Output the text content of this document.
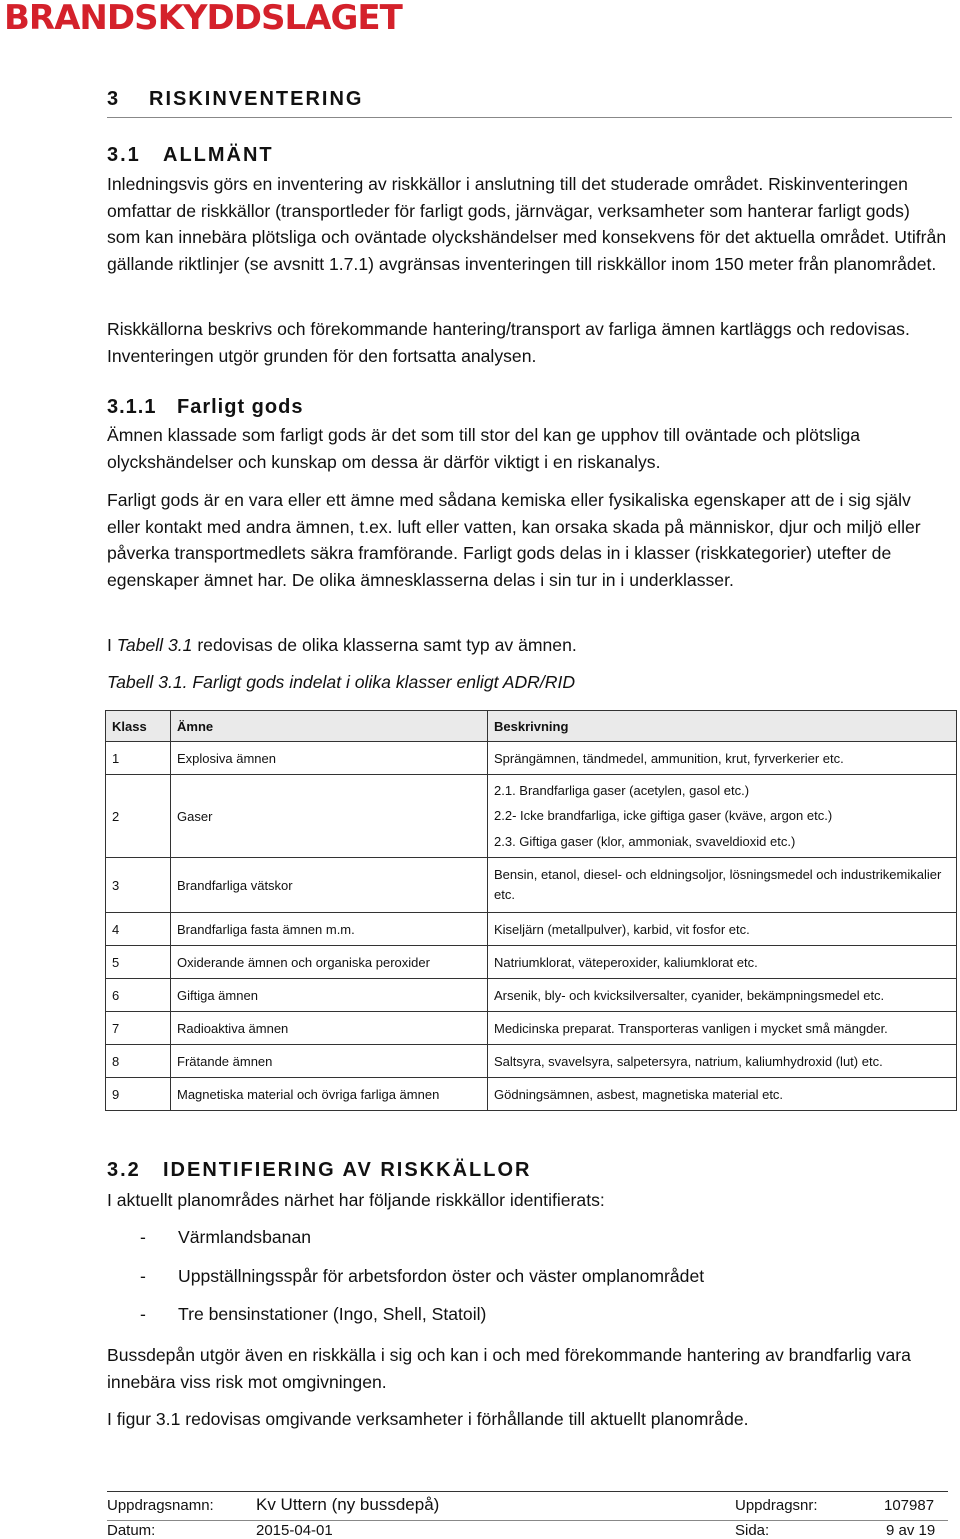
BRANDSKYDDSLAGET
3 RISKINVENTERING
3.1 ALLMÄNT
Inledningsvis görs en inventering av riskkällor i anslutning till det studerade området. Riskinventeringen omfattar de riskkällor (transportleder för farligt gods, järnvägar, verksamheter som hanterar farligt gods) som kan innebära plötsliga och oväntade olyckshändelser med konsekvens för det aktuella området. Utifrån gällande riktlinjer (se avsnitt 1.7.1) avgränsas inventeringen till riskkällor inom 150 meter från planområdet.
Riskkällorna beskrivs och förekommande hantering/transport av farliga ämnen kartläggs och redovisas. Inventeringen utgör grunden för den fortsatta analysen.
3.1.1 Farligt gods
Ämnen klassade som farligt gods är det som till stor del kan ge upphov till oväntade och plötsliga olyckshändelser och kunskap om dessa är därför viktigt i en riskanalys.
Farligt gods är en vara eller ett ämne med sådana kemiska eller fysikaliska egenskaper att de i sig själv eller kontakt med andra ämnen, t.ex. luft eller vatten, kan orsaka skada på människor, djur och miljö eller påverka transportmedlets säkra framförande. Farligt gods delas in i klasser (riskkategorier) utefter de egenskaper ämnet har. De olika ämnesklasserna delas i sin tur in i underklasser.
I Tabell 3.1 redovisas de olika klasserna samt typ av ämnen.
Tabell 3.1. Farligt gods indelat i olika klasser enligt ADR/RID
Klass	Ämne	Beskrivning
1	Explosiva ämnen	Sprängämnen, tändmedel, ammunition, krut, fyrverkerier etc.
2	Gaser	2.1. Brandfarliga gaser (acetylen, gasol etc.)
2.2- Icke brandfarliga, icke giftiga gaser (kväve, argon etc.)
2.3. Giftiga gaser (klor, ammoniak, svaveldioxid etc.)

3	Brandfarliga vätskor	Bensin, etanol, diesel- och eldningsoljor, lösningsmedel och industrikemikalier etc.
4	Brandfarliga fasta ämnen m.m.	Kiseljärn (metallpulver), karbid, vit fosfor etc.
5	Oxiderande ämnen och organiska peroxider	Natriumklorat, väteperoxider, kaliumklorat etc.
6	Giftiga ämnen	Arsenik, bly- och kvicksilversalter, cyanider, bekämpningsmedel etc.
7	Radioaktiva ämnen	Medicinska preparat. Transporteras vanligen i mycket små mängder.
8	Frätande ämnen	Saltsyra, svavelsyra, salpetersyra, natrium, kaliumhydroxid (lut) etc.
9	Magnetiska material och övriga farliga ämnen	Gödningsämnen, asbest, magnetiska material etc.
3.2 IDENTIFIERING AV RISKKÄLLOR
I aktuellt planområdes närhet har följande riskkällor identifierats:
- Värmlandsbanan
- Uppställningsspår för arbetsfordon öster och väster omplanområdet
- Tre bensinstationer (Ingo, Shell, Statoil)
Bussdepån utgör även en riskkälla i sig och kan i och med förekommande hantering av brandfarlig vara innebära viss risk mot omgivningen.
I figur 3.1 redovisas omgivande verksamheter i förhållande till aktuellt planområde.
Uppdragsnamn: Kv Uttern (ny bussdepå)	Uppdragsnr:	107987
Datum:	2015-04-01	Sida:	9 av 19
